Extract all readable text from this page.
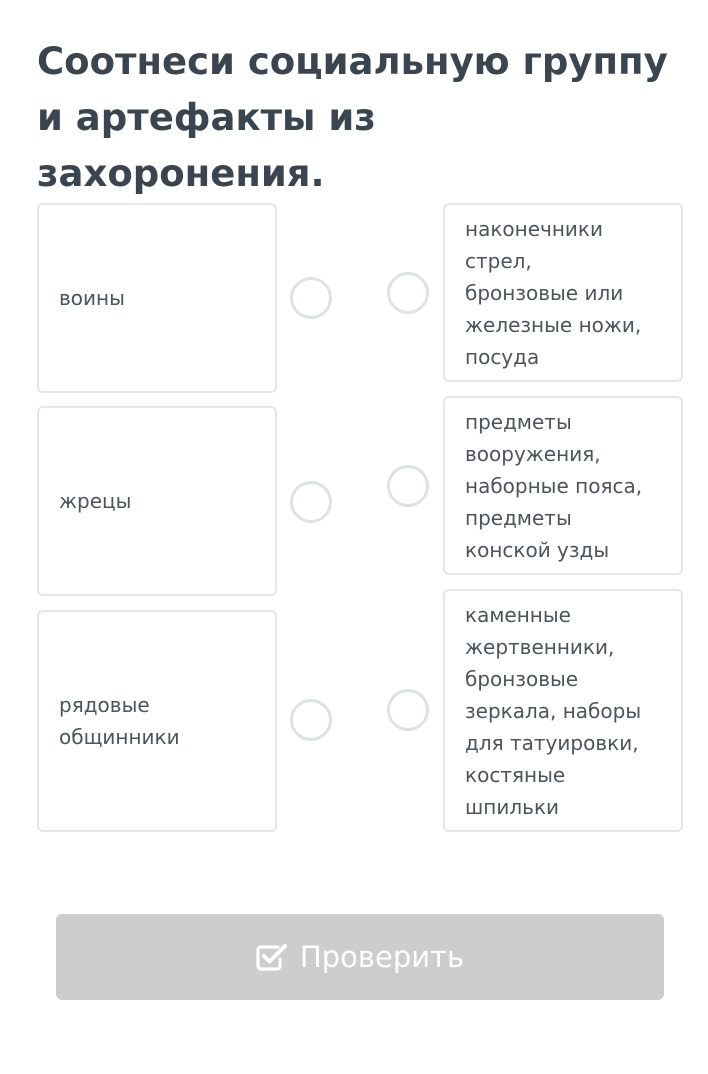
Соотнеси социальную группу
и артефакты из
захоронения.
воины
жрецы
рядовые
общинники
наконечники
стрел,
бронзовые или
железные ножи,
посуда
предметы
вооружения,
наборные пояса,
предметы
конской узды
каменные
жертвенники,
бронзовые
зеркала, наборы
для татуировки,
костяные
шпильки
Проверить
